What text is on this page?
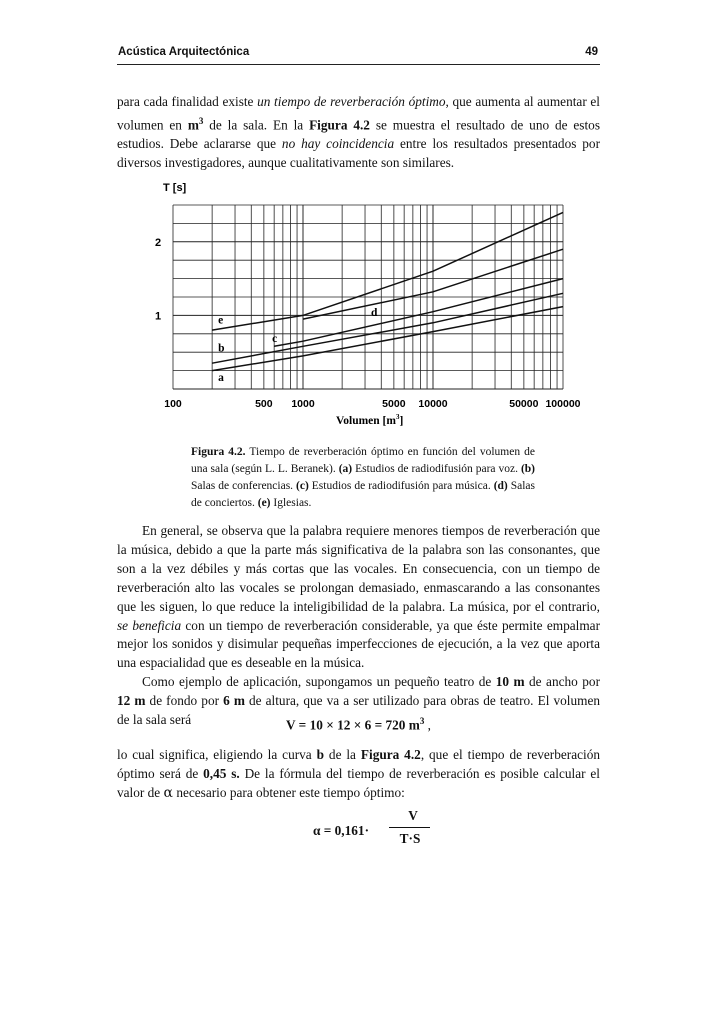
Acústica Arquitectónica	49
para cada finalidad existe un tiempo de reverberación óptimo, que aumenta al aumentar el volumen en $m^3$ de la sala. En la Figura 4.2 se muestra el resultado de uno de estos estudios. Debe aclararse que no hay coincidencia entre los resultados presentados por diversos investigadores, aunque cualitativamente son similares.
T [s]
a
b
c
d
e
2
1
100	500 1000	5000 10000	50000 100000
Volumen $[m^3]$
Figura 4.2. Tiempo de reverberación óptimo en función del volumen de una sala (según L. L. Beranek). (a) Estudios de radiodifusión para voz. (b) Salas de conferencias. (c) Estudios de radiodifusión para música. (d) Salas de conciertos. (e) Iglesias.

En general, se observa que la palabra requiere menores tiempos de reverberación que la música, debido a que la parte más significativa de la palabra son las consonantes, que son a la vez débiles y más cortas que las vocales. En consecuencia, con un tiempo de reverberación alto las vocales se prolongan demasiado, enmascarando a las consonantes que les siguen, lo que reduce la inteligibilidad de la palabra. La música, por el contrario, se beneficia con un tiempo de reverberación considerable, ya que éste permite empalmar mejor los sonidos y disimular pequeñas imperfecciones de ejecución, a la vez que aporta una espacialidad que es deseable en la música.

Como ejemplo de aplicación, supongamos un pequeño teatro de 10 m de ancho por 12 m de fondo por 6 m de altura, que va a ser utilizado para obras de teatro. El volumen de la sala será	V = 10 × 12 × 6 = 720 $m^3$ ,
lo cual significa, eligiendo la curva b de la Figura 4.2, que el tiempo de reverberación óptimo será de 0,45 s. De la fórmula del tiempo de reverberación es posible calcular el valor de α necesario para obtener este tiempo óptimo:
α = 0,161·
V
T·S
